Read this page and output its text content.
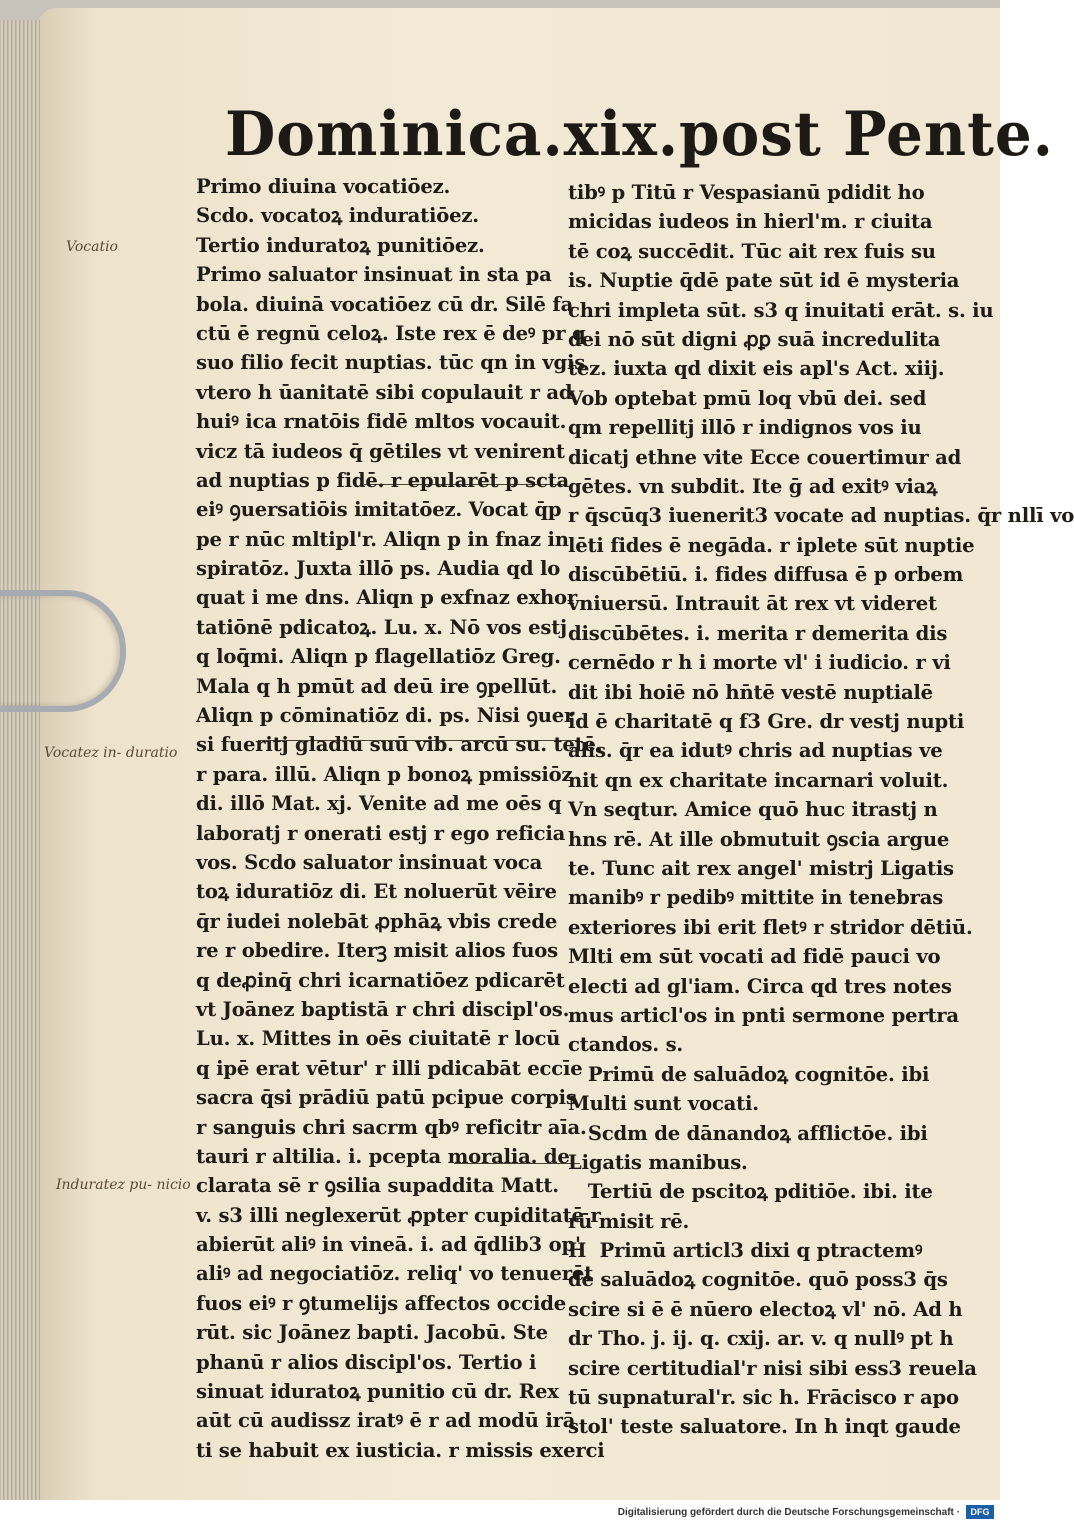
Dominica.xix.post Pente.
Vocatio
Vocatez in- duratio
Induratez pu- nicio
Primo diuina vocatiōez.
Scdo. vocatoꝝ induratiōez.
Tertio induratoꝝ punitiōez.
Primo saluator insinuat in sta pa
bola. diuinā vocatiōez cū dr. Silē fa
ctū ē regnū celoꝝ. Iste rex ē deꝰ pr q
suo filio fecit nuptias. tūc qn in vgis
vtero h ūanitatē sibi copulauit r ad
huiꝰ ica rnatōis fidē mltos vocauit.
vicz tā iudeos q̄ gētiles vt venirent
ad nuptias p fidē. r epularēt p scta
eiꝰ ꝯuersatiōis imitatōez. Vocat q̄p
pe r nūc mltipl'r. Aliqn p in fnaz in
spiratōz. Juxta illō ps. Audia qd lo
quat i me dns. Aliqn p exfnaz exhor
tatiōnē pdicatoꝝ. Lu. x. Nō vos estj
q loq̄mi. Aliqn p flagellatiōz Greg.
Mala q h pmūt ad deū ire ꝯpellūt.
Aliqn p cōminatiōz di. ps. Nisi ꝯuer
si fueritj gladiū suū vib. arcū su. tetē.
r para. illū. Aliqn p bonoꝝ pmissiōz
di. illō Mat. xj. Venite ad me oēs q
laboratj r onerati estj r ego reficia
vos. Scdo saluator insinuat voca
toꝝ iduratiōz di. Et noluerūt vēire
q̄r iudei nolebāt ꝓphāꝝ vbis crede
re r obedire. Iterꝫ misit alios fuos
q deꝓinq̄ chri icarnatiōez pdicarēt
vt Joānez baptistā r chri discipl'os.
Lu. x. Mittes in oēs ciuitatē r locū
q ipē erat vētur' r illi pdicabāt eccīe
sacra q̄si prādiū patū pcipue corpis
r sanguis chri sacrm qbꝰ reficitr aīa.
tauri r altilia. i. pcepta moralia. de
clarata sē r ꝯsilia supaddita Matt.
v. s3 illi neglexerūt ꝓpter cupiditatē r
abierūt aliꝰ in vineā. i. ad q̄dlib3 op'
aliꝰ ad negociatiōz. reliq' vo tenuerēt
fuos eiꝰ r ꝯtumelijs affectos occide
rūt. sic Joānez bapti. Jacobū. Ste
phanū r alios discipl'os. Tertio i
sinuat iduratoꝝ punitio cū dr. Rex
aūt cū audissz iratꝰ ē r ad modū irā
ti se habuit ex iusticia. r missis exerci
tibꝰ p Titū r Vespasianū pdidit ho
micidas iudeos in hierl'm. r ciuita
tē coꝝ succēdit. Tūc ait rex fuis su
is. Nuptie q̄dē pate sūt id ē mysteria
chri impleta sūt. s3 q inuitati erāt. s. iu
dei nō sūt digni ꝓꝑ suā incredulita
tez. iuxta qd dixit eis apl's Act. xiij.
Vob optebat pmū loq vbū dei. sed
qm repellitj illō r indignos vos iu
dicatj ethne vite Ecce couertimur ad
gētes. vn subdit. Ite ḡ ad exitꝰ viaꝝ
r q̄scūq3 iuenerit3 vocate ad nuptias. q̄r nllī vo
lēti fides ē negāda. r iplete sūt nuptie
discūbētiū. i. fides diffusa ē p orbem
vniuersū. Intrauit āt rex vt videret
discūbētes. i. merita r demerita dis
cernēdo r h i morte vl' i iudicio. r vi
dit ibi hoiē nō hn̄tē vestē nuptialē
id ē charitatē q f3 Gre. dr vestj nupti
alis. q̄r ea idutꝰ chris ad nuptias ve
nit qn ex charitate incarnari voluit.
Vn seqtur. Amice quō huc itrastj n
hns rē. At ille obmutuit ꝯscia argue
te. Tunc ait rex angel' mistrj Ligatis
manibꝰ r pedibꝰ mittite in tenebras
exteriores ibi erit fletꝰ r stridor dētiū.
Mlti em sūt vocati ad fidē pauci vo
electi ad gl'iam. Circa qd tres notes
mus articl'os in pnti sermone pertra
ctandos. s.
Primū de saluādoꝝ cognitōe. ibi
Multi sunt vocati.
Scdm de dānandoꝝ afflictōe. ibi
Ligatis manibus.
Tertiū de pscitoꝝ pditiōe. ibi. ite
rū misit rē.
H  Primū articl3 dixi q ptractemꝰ
de saluādoꝝ cognitōe. quō poss3 q̄s
scire si ē ē nūero electoꝝ vl' nō. Ad h
dr Tho. j. ij. q. cxij. ar. v. q nullꝰ pt h
scire certitudial'r nisi sibi ess3 reuela
tū supnatural'r. sic h. Frācisco r apo
stol' teste saluatore. In h inqt gaude
Digitalisierung gefördert durch die Deutsche Forschungsgemeinschaft ·	DFG
